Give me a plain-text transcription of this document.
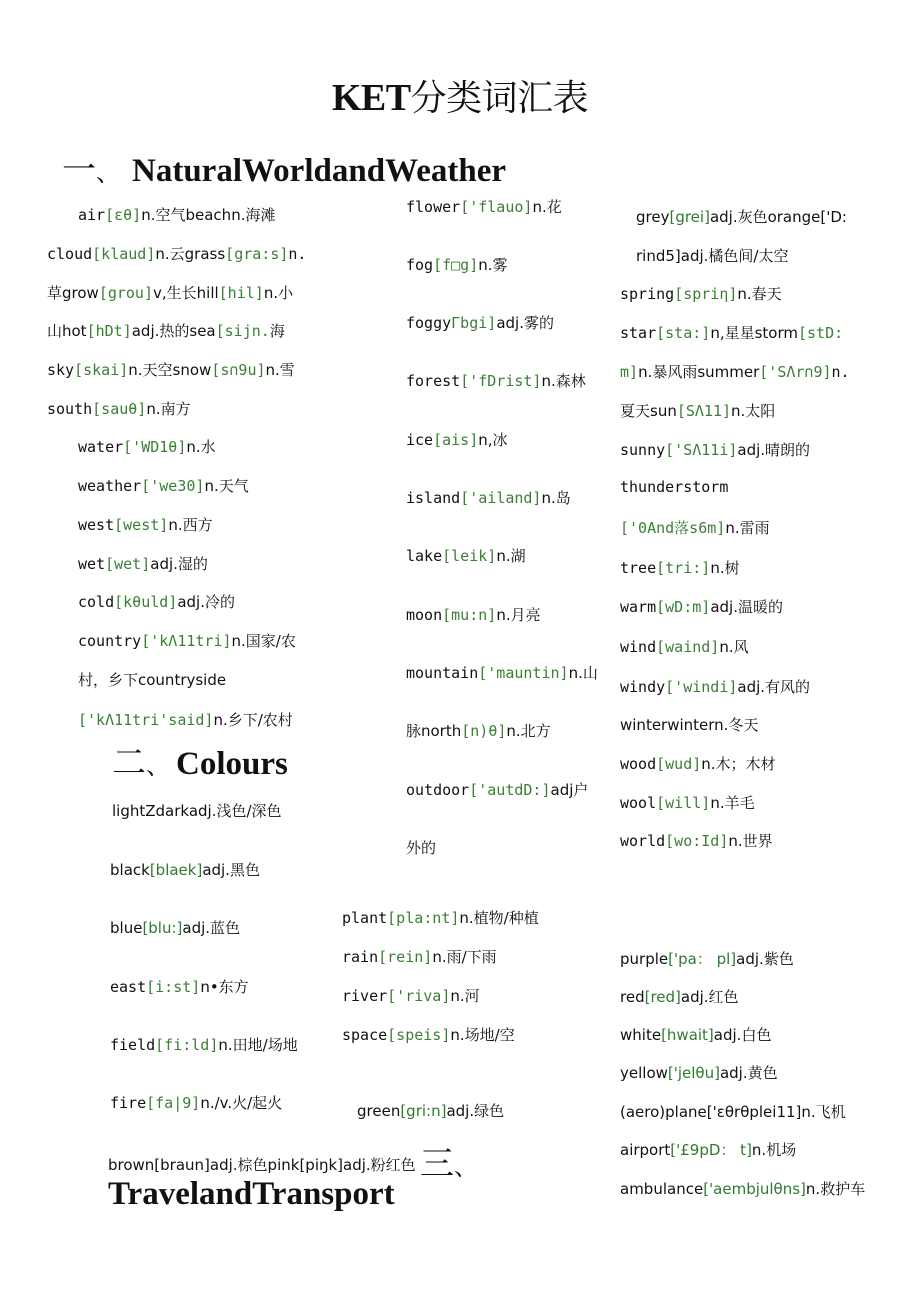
KET分类词汇表
一、 NaturalWorldandWeather
air[ɛθ]n.空气beachn.海滩
cloud[klaud]n.云grass[gra:s]n.
草grow[grou]v,生长hill[hil]n.小
山hot[hDt]adj.热的sea[sijn.海
sky[skai]n.天空snow[s∩9u]n.雪
south[sauθ]n.南方
water['WD1θ]n.水
weather['we30]n.天气
west[west]n.西方
wet[wet]adj.湿的
cold[kθuld]adj.冷的
country['kΛ11tri]n.国家/农
村，乡下countryside
['kΛ11tri'said]n.乡下/农村
flower['flauo]n.花
fog[f□g]n.雾
foggyΓbgi]adj.雾的
forest['fDrist]n.森林
ice[ais]n,冰
island['ailand]n.岛
lake[leik]n.湖
moon[mu:n]n.月亮
mountain['mauntin]n.山
脉north[n)θ]n.北方
outdoor['autdD:]adj户
外的
grey[grei]adj.灰色orange['D:
rind5]adj.橘色间/太空
spring[spriη]n.春天
star[sta:]n,星星storm[stD:
m]n.暴风雨summer['SΛr∩9]n.
夏天sun[SΛ11]n.太阳
sunny['SΛ11i]adj.晴朗的
thunderstorm
['0And落s6m]n.雷雨
tree[tri:]n.树
warm[wD:m]adj.温暖的
wind[waind]n.风
windy['windi]adj.有风的
winterwintern.冬天
wood[wud]n.木；木材
wool[will]n.羊毛
world[wo:Id]n.世界
二、 Colours
lightZdarkadj.浅色/深色
black[blaek]adj.黑色
blue[blu:]adj.蓝色
east[i:st]n•东方
field[fi:ld]n.田地/场地
fire[fa|9]n./v.火/起火
plant[pla:nt]n.植物/种植
rain[rein]n.雨/下雨
river['riva]n.河
space[speis]n.场地/空
green[gri:n]adj.绿色
brown[braun]adj.棕色pink[piŋk]adj.粉红色 三、
TravelandTransport
purple['pa： pl]adj.紫色
red[red]adj.红色
white[hwait]adj.白色
yellow['jelθu]adj.黄色
(aero)plane['ɛθrθplei11]n.飞机
airport['£9pD： t]n.机场
ambulance['aembjulθns]n.救护车
